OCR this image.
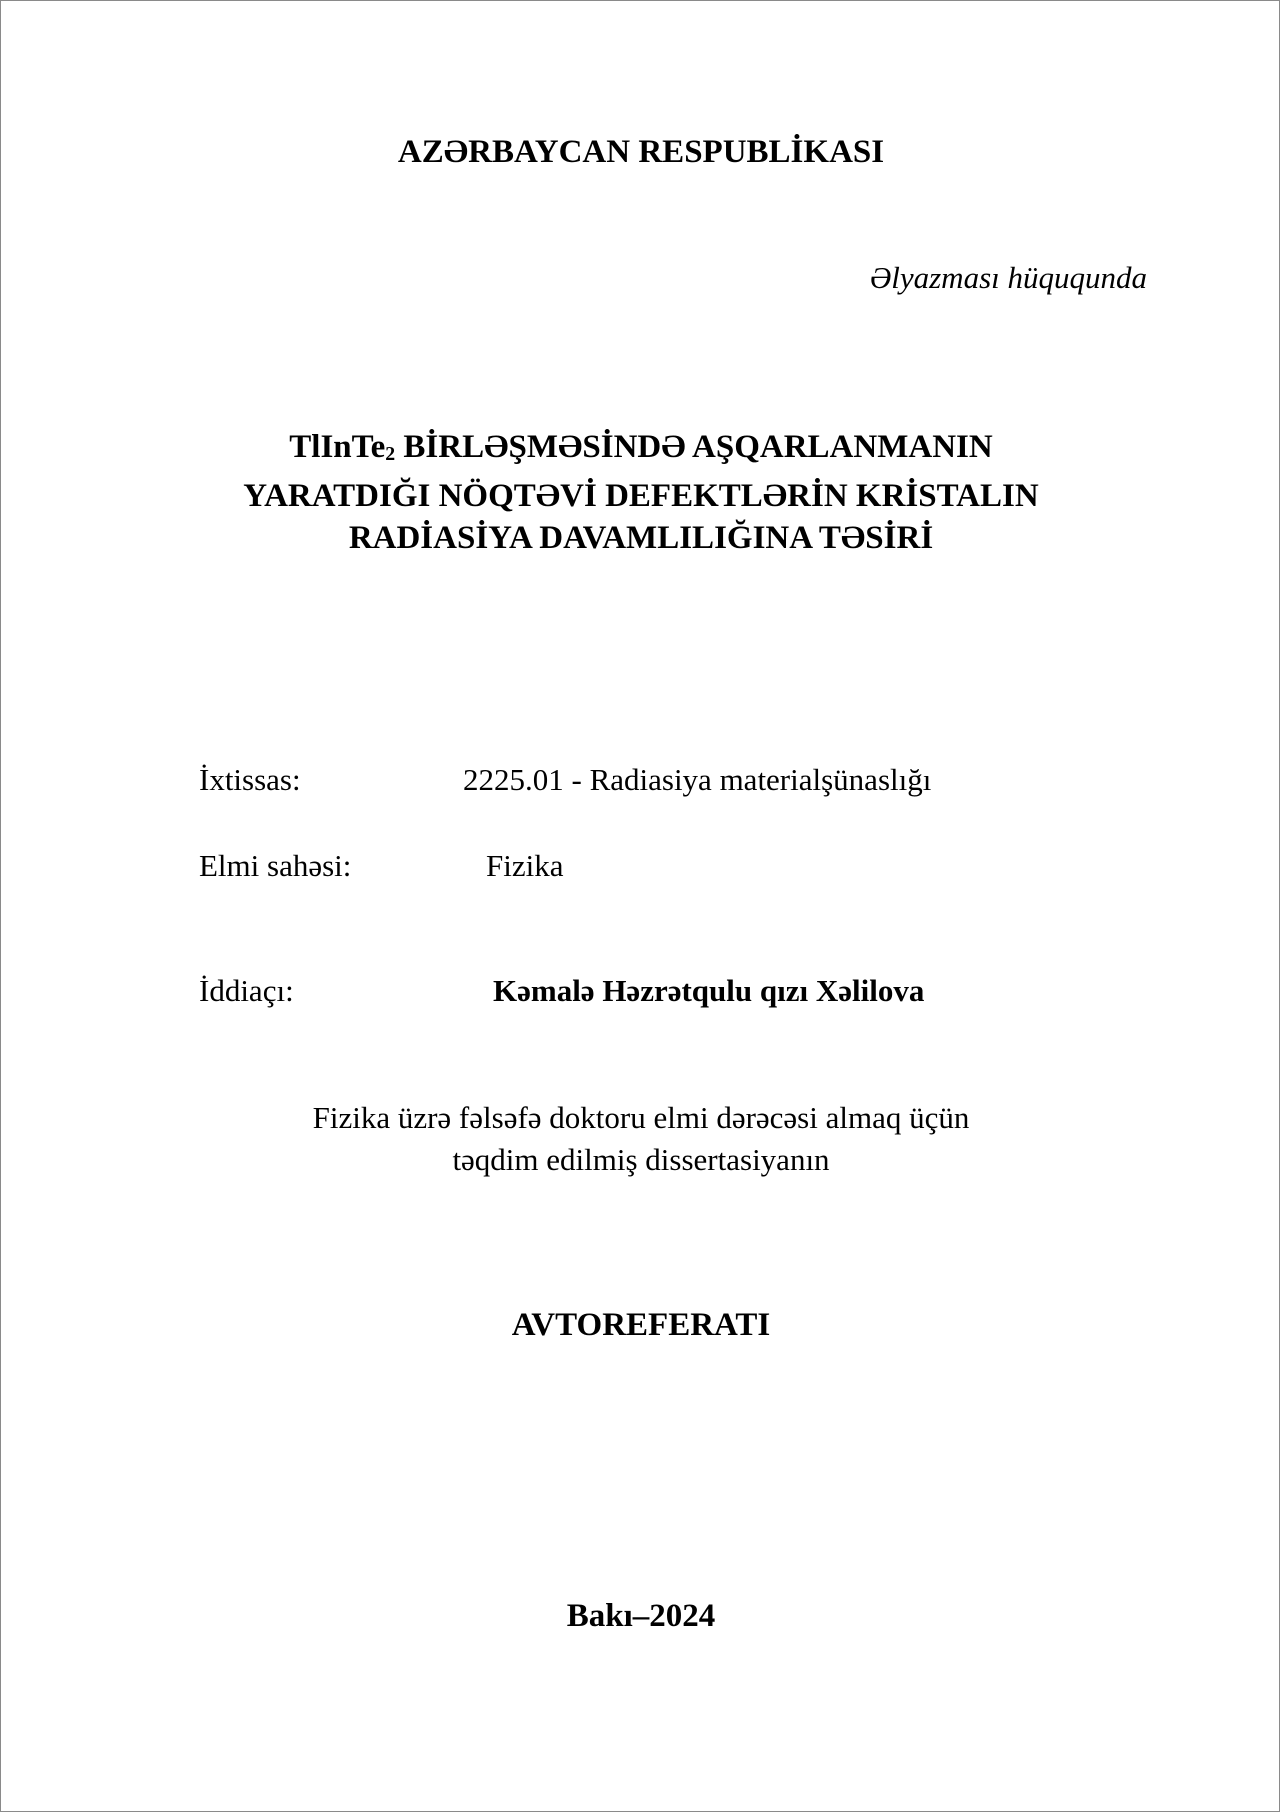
AZƏRBAYCAN RESPUBLİKASI
Əlyazması hüququnda
TlInTe$_2$ BİRLƏŞMƏSİNDƏ AŞQARLANMANIN
YARATDIĞI NÖQTƏVİ DEFEKTLƏRİN KRİSTALIN
RADİASİYA DAVAMLILIĞINA TƏSİRİ
İxtissas:	2225.01 - Radiasiya materialşünaslığı
Elmi sahəsi:	Fizika
İddiaçı:	Kəmalə Həzrətqulu qızı Xəlilova
Fizika üzrə fəlsəfə doktoru elmi dərəcəsi almaq üçün
təqdim edilmiş dissertasiyanın
AVTOREFERATI
Bakı–2024
